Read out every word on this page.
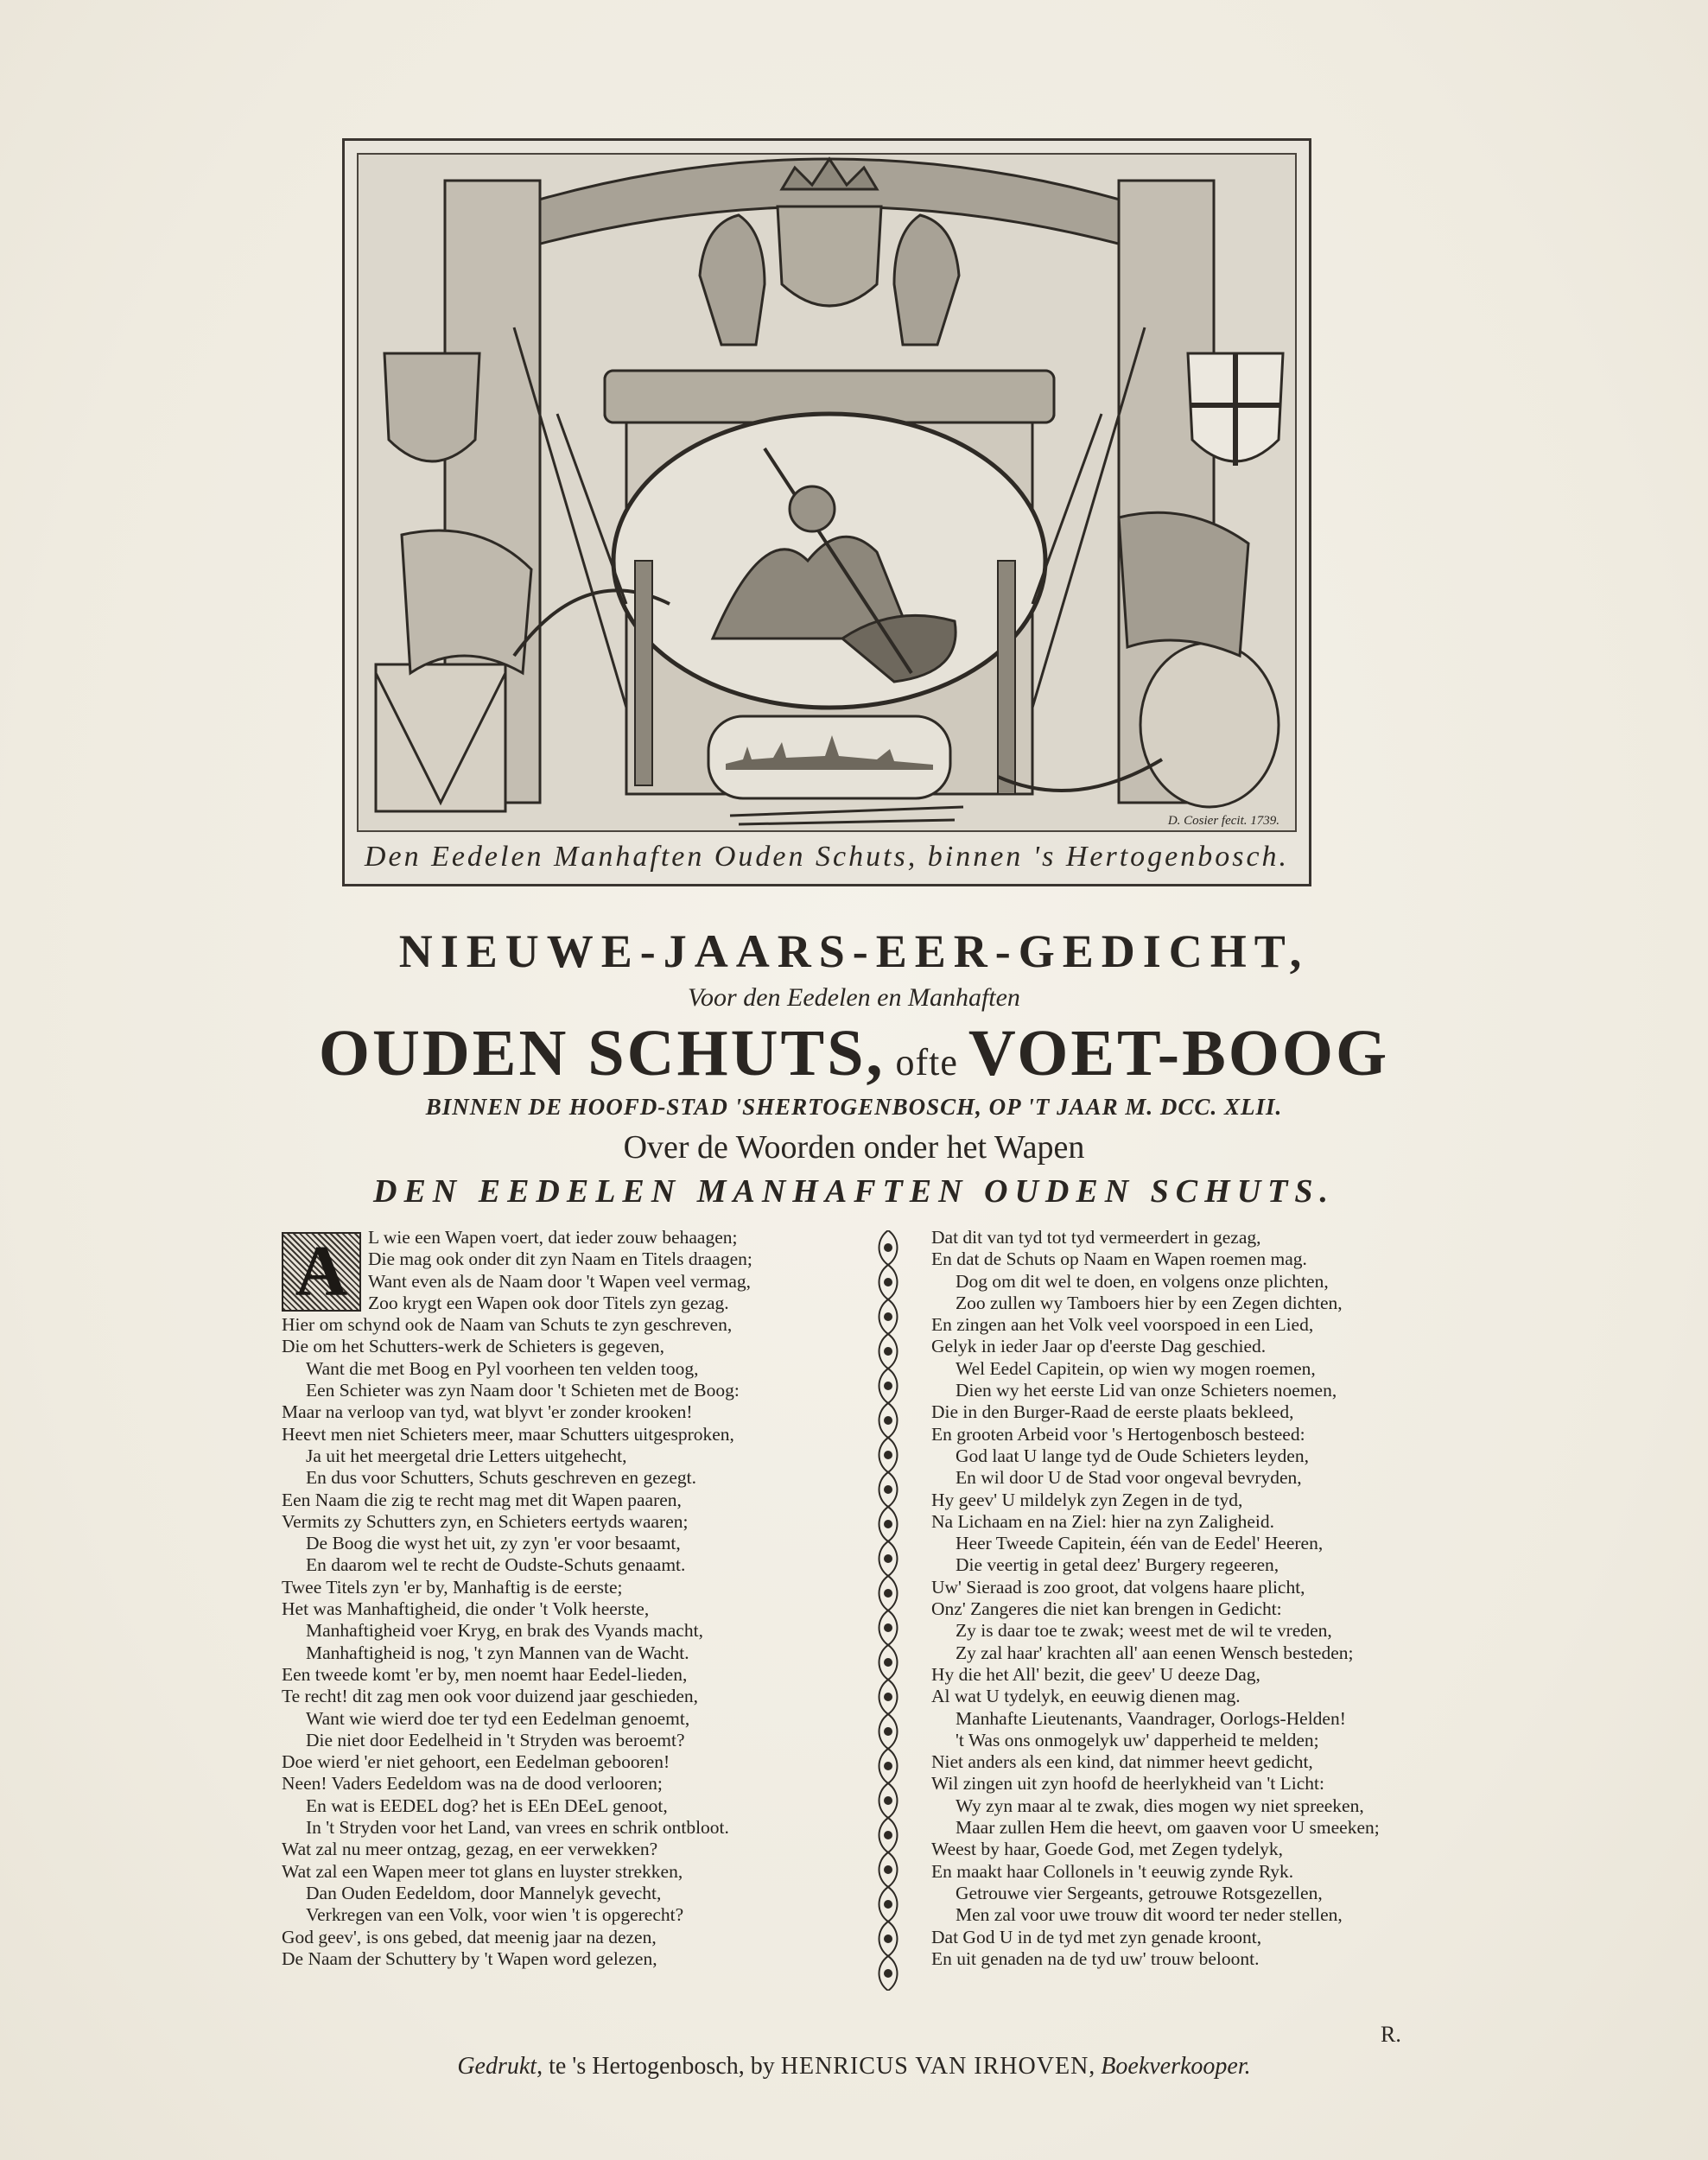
D. Cosier fecit. 1739.
Den Eedelen Manhaften Ouden Schuts, binnen 's Hertogenbosch.
NIEUWE-JAARS-EER-GEDICHT,
Voor den Eedelen en Manhaften
OUDEN SCHUTS, ofte VOET-BOOG
BINNEN DE HOOFD-STAD 'SHERTOGENBOSCH, OP 'T JAAR M. DCC. XLII.
Over de Woorden onder het Wapen
DEN EEDELEN MANHAFTEN OUDEN SCHUTS.
A	L wie een Wapen voert, dat ieder zouw behaagen;
Die mag ook onder dit zyn Naam en Titels draagen;
Want even als de Naam door 't Wapen veel vermag,
Zoo krygt een Wapen ook door Titels zyn gezag.
Hier om schynd ook de Naam van Schuts te zyn geschreven,
Die om het Schutters-werk de Schieters is gegeven,
Want die met Boog en Pyl voorheen ten velden toog,
Een Schieter was zyn Naam door 't Schieten met de Boog:
Maar na verloop van tyd, wat blyvt 'er zonder krooken!
Heevt men niet Schieters meer, maar Schutters uitgesproken,
Ja uit het meergetal drie Letters uitgehecht,
En dus voor Schutters, Schuts geschreven en gezegt.
Een Naam die zig te recht mag met dit Wapen paaren,
Vermits zy Schutters zyn, en Schieters eertyds waaren;
De Boog die wyst het uit, zy zyn 'er voor besaamt,
En daarom wel te recht de Oudste-Schuts genaamt.
Twee Titels zyn 'er by, Manhaftig is de eerste;
Het was Manhaftigheid, die onder 't Volk heerste,
Manhaftigheid voer Kryg, en brak des Vyands macht,
Manhaftigheid is nog, 't zyn Mannen van de Wacht.
Een tweede komt 'er by, men noemt haar Eedel-lieden,
Te recht! dit zag men ook voor duizend jaar geschieden,
Want wie wierd doe ter tyd een Eedelman genoemt,
Die niet door Eedelheid in 't Stryden was beroemt?
Doe wierd 'er niet gehoort, een Eedelman gebooren!
Neen! Vaders Eedeldom was na de dood verlooren;
En wat is EEDEL dog? het is EEn DEeL genoot,
In 't Stryden voor het Land, van vrees en schrik ontbloot.
Wat zal nu meer ontzag, gezag, en eer verwekken?
Wat zal een Wapen meer tot glans en luyster strekken,
Dan Ouden Eedeldom, door Mannelyk gevecht,
Verkregen van een Volk, voor wien 't is opgerecht?
God geev', is ons gebed, dat meenig jaar na dezen,
De Naam der Schuttery by 't Wapen word gelezen,
Dat dit van tyd tot tyd vermeerdert in gezag,
En dat de Schuts op Naam en Wapen roemen mag.
Dog om dit wel te doen, en volgens onze plichten,
Zoo zullen wy Tamboers hier by een Zegen dichten,
En zingen aan het Volk veel voorspoed in een Lied,
Gelyk in ieder Jaar op d'eerste Dag geschied.
Wel Eedel Capitein, op wien wy mogen roemen,
Dien wy het eerste Lid van onze Schieters noemen,
Die in den Burger-Raad de eerste plaats bekleed,
En grooten Arbeid voor 's Hertogenbosch besteed:
God laat U lange tyd de Oude Schieters leyden,
En wil door U de Stad voor ongeval bevryden,
Hy geev' U mildelyk zyn Zegen in de tyd,
Na Lichaam en na Ziel: hier na zyn Zaligheid.
Heer Tweede Capitein, één van de Eedel' Heeren,
Die veertig in getal deez' Burgery regeeren,
Uw' Sieraad is zoo groot, dat volgens haare plicht,
Onz' Zangeres die niet kan brengen in Gedicht:
Zy is daar toe te zwak; weest met de wil te vreden,
Zy zal haar' krachten all' aan eenen Wensch besteden;
Hy die het All' bezit, die geev' U deeze Dag,
Al wat U tydelyk, en eeuwig dienen mag.
Manhafte Lieutenants, Vaandrager, Oorlogs-Helden!
't Was ons onmogelyk uw' dapperheid te melden;
Niet anders als een kind, dat nimmer heevt gedicht,
Wil zingen uit zyn hoofd de heerlykheid van 't Licht:
Wy zyn maar al te zwak, dies mogen wy niet spreeken,
Maar zullen Hem die heevt, om gaaven voor U smeeken;
Weest by haar, Goede God, met Zegen tydelyk,
En maakt haar Collonels in 't eeuwig zynde Ryk.
Getrouwe vier Sergeants, getrouwe Rotsgezellen,
Men zal voor uwe trouw dit woord ter neder stellen,
Dat God U in de tyd met zyn genade kroont,
En uit genaden na de tyd uw' trouw beloont.
R.
Gedrukt, te 's Hertogenbosch, by HENRICUS VAN IRHOVEN, Boekverkooper.
